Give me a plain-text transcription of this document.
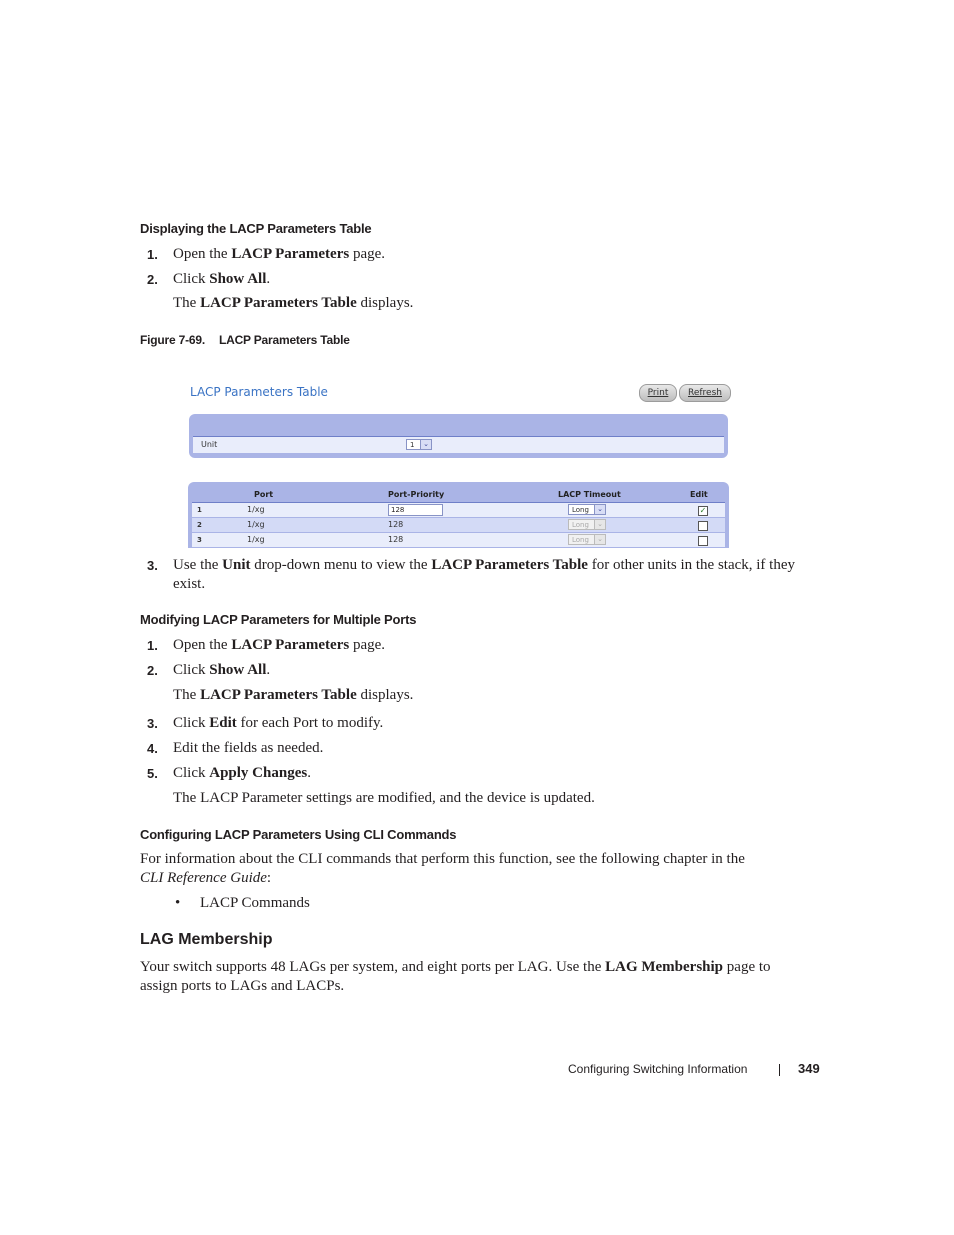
Displaying the LACP Parameters Table
1. Open the LACP Parameters page.
2. Click Show All.
The LACP Parameters Table displays.
Figure 7-69. LACP Parameters Table
LACP Parameters Table	Print	Refresh
Unit	1	⌄
Port	Port-Priority	LACP Timeout	Edit
1	1/xg	128	Long	⌄	✓
2	1/xg	128	Long	⌄
3	1/xg	128	Long	⌄
3. Use the Unit drop-down menu to view the LACP Parameters Table for other units in the stack, if they
exist.
Modifying LACP Parameters for Multiple Ports
1. Open the LACP Parameters page.
2. Click Show All.
The LACP Parameters Table displays.
3. Click Edit for each Port to modify.
4. Edit the fields as needed.
5. Click Apply Changes.
The LACP Parameter settings are modified, and the device is updated.
Configuring LACP Parameters Using CLI Commands
For information about the CLI commands that perform this function, see the following chapter in the
CLI Reference Guide:
• LACP Commands
LAG Membership
Your switch supports 48 LAGs per system, and eight ports per LAG. Use the LAG Membership page to
assign ports to LAGs and LACPs.
Configuring Switching Information	349
